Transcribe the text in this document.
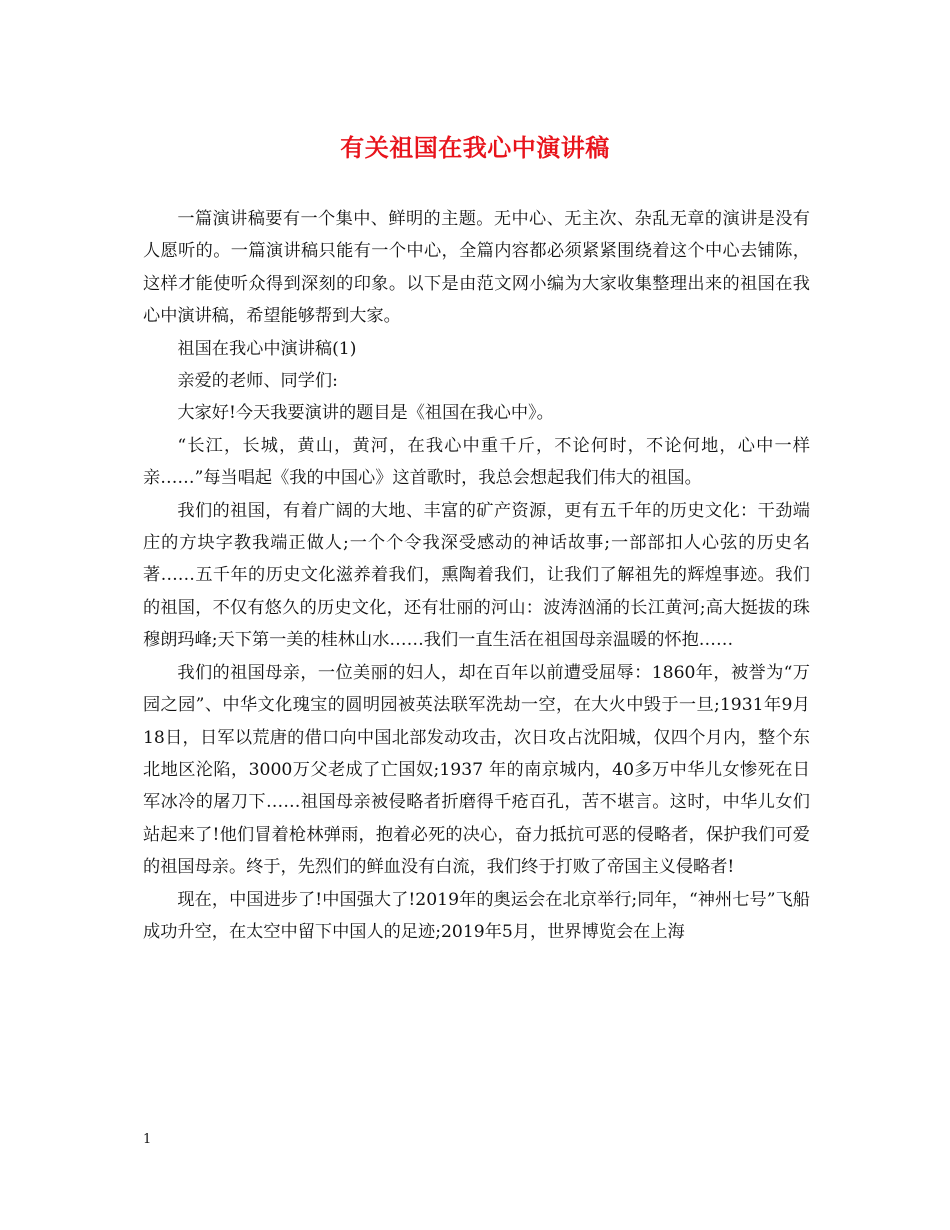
有关祖国在我心中演讲稿

一篇演讲稿要有一个集中、鲜明的主题。无中心、无主次、杂乱无章的演讲是没有人愿听的。一篇演讲稿只能有一个中心，全篇内容都必须紧紧围绕着这个中心去铺陈，这样才能使听众得到深刻的印象。以下是由范文网小编为大家收集整理出来的祖国在我心中演讲稿，希望能够帮到大家。

祖国在我心中演讲稿(1)

亲爱的老师、同学们:

大家好!今天我要演讲的题目是《祖国在我心中》。

“长江，长城，黄山，黄河，在我心中重千斤，不论何时，不论何地，心中一样亲……”每当唱起《我的中国心》这首歌时，我总会想起我们伟大的祖国。

我们的祖国，有着广阔的大地、丰富的矿产资源，更有五千年的历史文化：干劲端庄的方块字教我端正做人;一个个令我深受感动的神话故事;一部部扣人心弦的历史名著……五千年的历史文化滋养着我们，熏陶着我们，让我们了解祖先的辉煌事迹。我们的祖国，不仅有悠久的历史文化，还有壮丽的河山：波涛汹涌的长江黄河;高大挺拔的珠穆朗玛峰;天下第一美的桂林山水……我们一直生活在祖国母亲温暖的怀抱……

我们的祖国母亲，一位美丽的妇人，却在百年以前遭受屈辱：1860年，被誉为“万园之园”、中华文化瑰宝的圆明园被英法联军洗劫一空，在大火中毁于一旦;1931年9月18日，日军以荒唐的借口向中国北部发动攻击，次日攻占沈阳城，仅四个月内，整个东北地区沦陷，3000万父老成了亡国奴;1937 年的南京城内，40多万中华儿女惨死在日军冰冷的屠刀下……祖国母亲被侵略者折磨得千疮百孔，苦不堪言。这时，中华儿女们站起来了!他们冒着枪林弹雨，抱着必死的决心，奋力抵抗可恶的侵略者，保护我们可爱的祖国母亲。终于，先烈们的鲜血没有白流，我们终于打败了帝国主义侵略者!

现在，中国进步了!中国强大了!2019年的奥运会在北京举行;同年，“神州七号”飞船成功升空，在太空中留下中国人的足迹;2019年5月，世界博览会在上海

1
